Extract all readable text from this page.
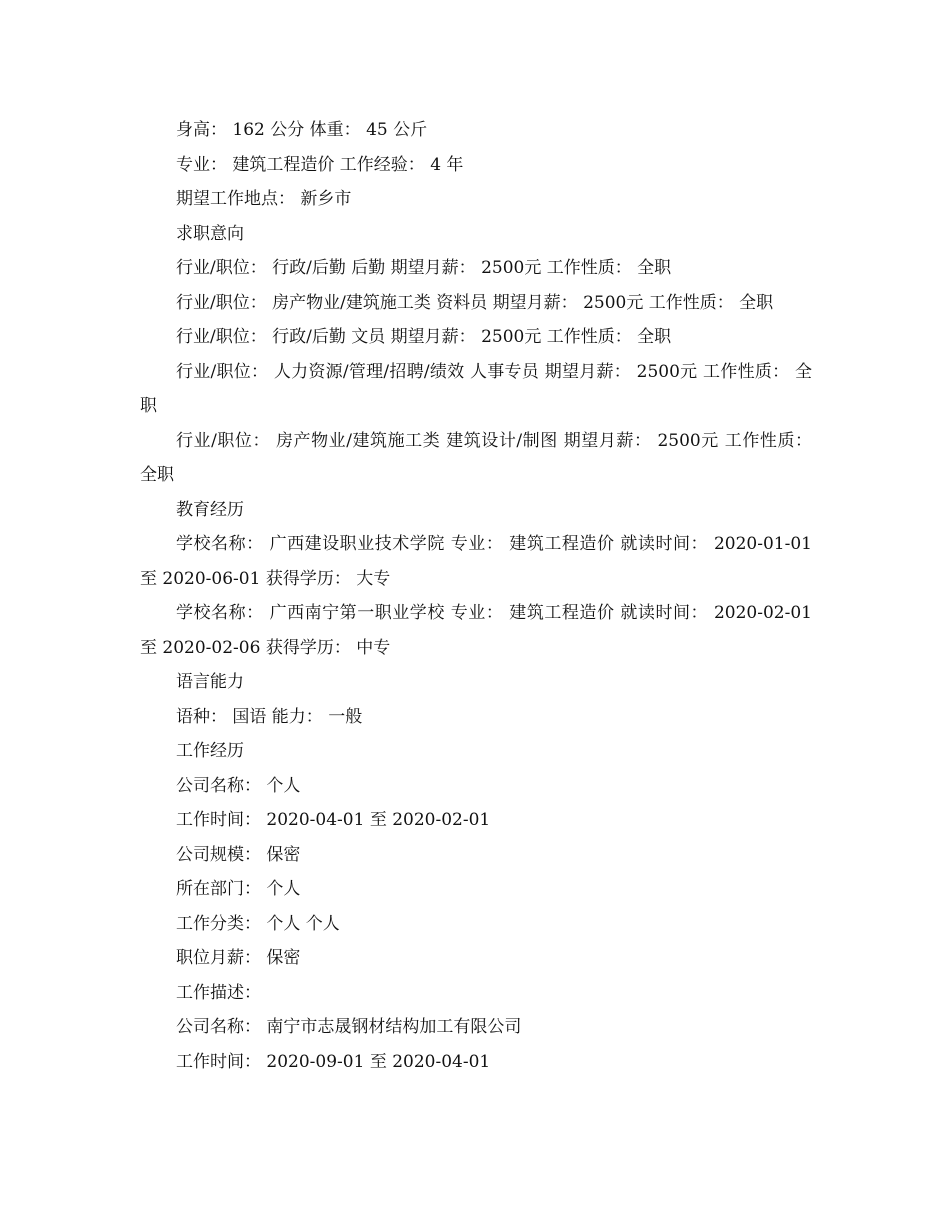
身高： 162 公分 体重： 45 公斤

专业： 建筑工程造价 工作经验： 4 年

期望工作地点： 新乡市

求职意向

行业/职位： 行政/后勤 后勤 期望月薪： 2500元 工作性质： 全职

行业/职位： 房产物业/建筑施工类 资料员 期望月薪： 2500元 工作性质： 全职

行业/职位： 行政/后勤 文员 期望月薪： 2500元 工作性质： 全职

行业/职位： 人力资源/管理/招聘/绩效 人事专员 期望月薪： 2500元 工作性质： 全职

行业/职位： 房产物业/建筑施工类 建筑设计/制图 期望月薪： 2500元 工作性质： 全职

教育经历

学校名称： 广西建设职业技术学院 专业： 建筑工程造价 就读时间： 2020-01-01 至 2020-06-01 获得学历： 大专

学校名称： 广西南宁第一职业学校 专业： 建筑工程造价 就读时间： 2020-02-01 至 2020-02-06 获得学历： 中专

语言能力

语种： 国语 能力： 一般

工作经历

公司名称： 个人

工作时间： 2020-04-01 至 2020-02-01

公司规模： 保密

所在部门： 个人

工作分类： 个人 个人

职位月薪： 保密

工作描述：

公司名称： 南宁市志晟钢材结构加工有限公司

工作时间： 2020-09-01 至 2020-04-01
